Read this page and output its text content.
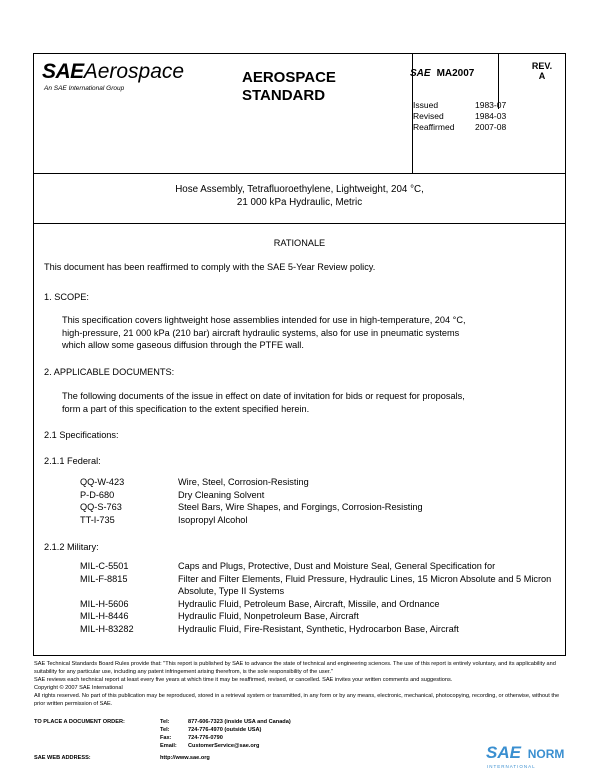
SAEAerospace
An SAE International Group
AEROSPACE
STANDARD
SAE MA2007
REV.
A
Issued	1983-07
Revised	1984-03
Reaffirmed	2007-08
Hose Assembly, Tetrafluoroethylene, Lightweight, 204 °C,
21 000 kPa Hydraulic, Metric
RATIONALE
This document has been reaffirmed to comply with the SAE 5-Year Review policy.
1. SCOPE:
This specification covers lightweight hose assemblies intended for use in high-temperature, 204 °C,
high-pressure, 21 000 kPa (210 bar) aircraft hydraulic systems, also for use in pneumatic systems
which allow some gaseous diffusion through the PTFE wall.
2. APPLICABLE DOCUMENTS:
The following documents of the issue in effect on date of invitation for bids or request for proposals,
form a part of this specification to the extent specified herein.
2.1 Specifications:
2.1.1 Federal:
QQ-W-423	Wire, Steel, Corrosion-Resisting
P-D-680	Dry Cleaning Solvent
QQ-S-763	Steel Bars, Wire Shapes, and Forgings, Corrosion-Resisting
TT-I-735	Isopropyl Alcohol
2.1.2 Military:
MIL-C-5501	Caps and Plugs, Protective, Dust and Moisture Seal, General Specification for
MIL-F-8815	Filter and Filter Elements, Fluid Pressure, Hydraulic Lines, 15 Micron Absolute and 5 Micron Absolute, Type II Systems
MIL-H-5606	Hydraulic Fluid, Petroleum Base, Aircraft, Missile, and Ordnance
MIL-H-8446	Hydraulic Fluid, Nonpetroleum Base, Aircraft
MIL-H-83282	Hydraulic Fluid, Fire-Resistant, Synthetic, Hydrocarbon Base, Aircraft
SAE Technical Standards Board Rules provide that: "This report is published by SAE to advance the state of technical and engineering sciences. The use of this report is entirely voluntary, and its applicability and suitability for any particular use, including any patent infringement arising therefrom, is the sole responsibility of the user."
SAE reviews each technical report at least every five years at which time it may be reaffirmed, revised, or cancelled. SAE invites your written comments and suggestions.
Copyright © 2007 SAE International
All rights reserved. No part of this publication may be reproduced, stored in a retrieval system or transmitted, in any form or by any means, electronic, mechanical, photocopying, recording, or otherwise, without the prior written permission of SAE.
TO PLACE A DOCUMENT ORDER:	Tel:	877-606-7323 (inside USA and Canada)
Tel:	724-776-4970 (outside USA)
Fax:	724-776-0790
Email:	CustomerService@sae.org
SAE WEB ADDRESS:	http://www.sae.org	SAE NORM
INTERNATIONAL
